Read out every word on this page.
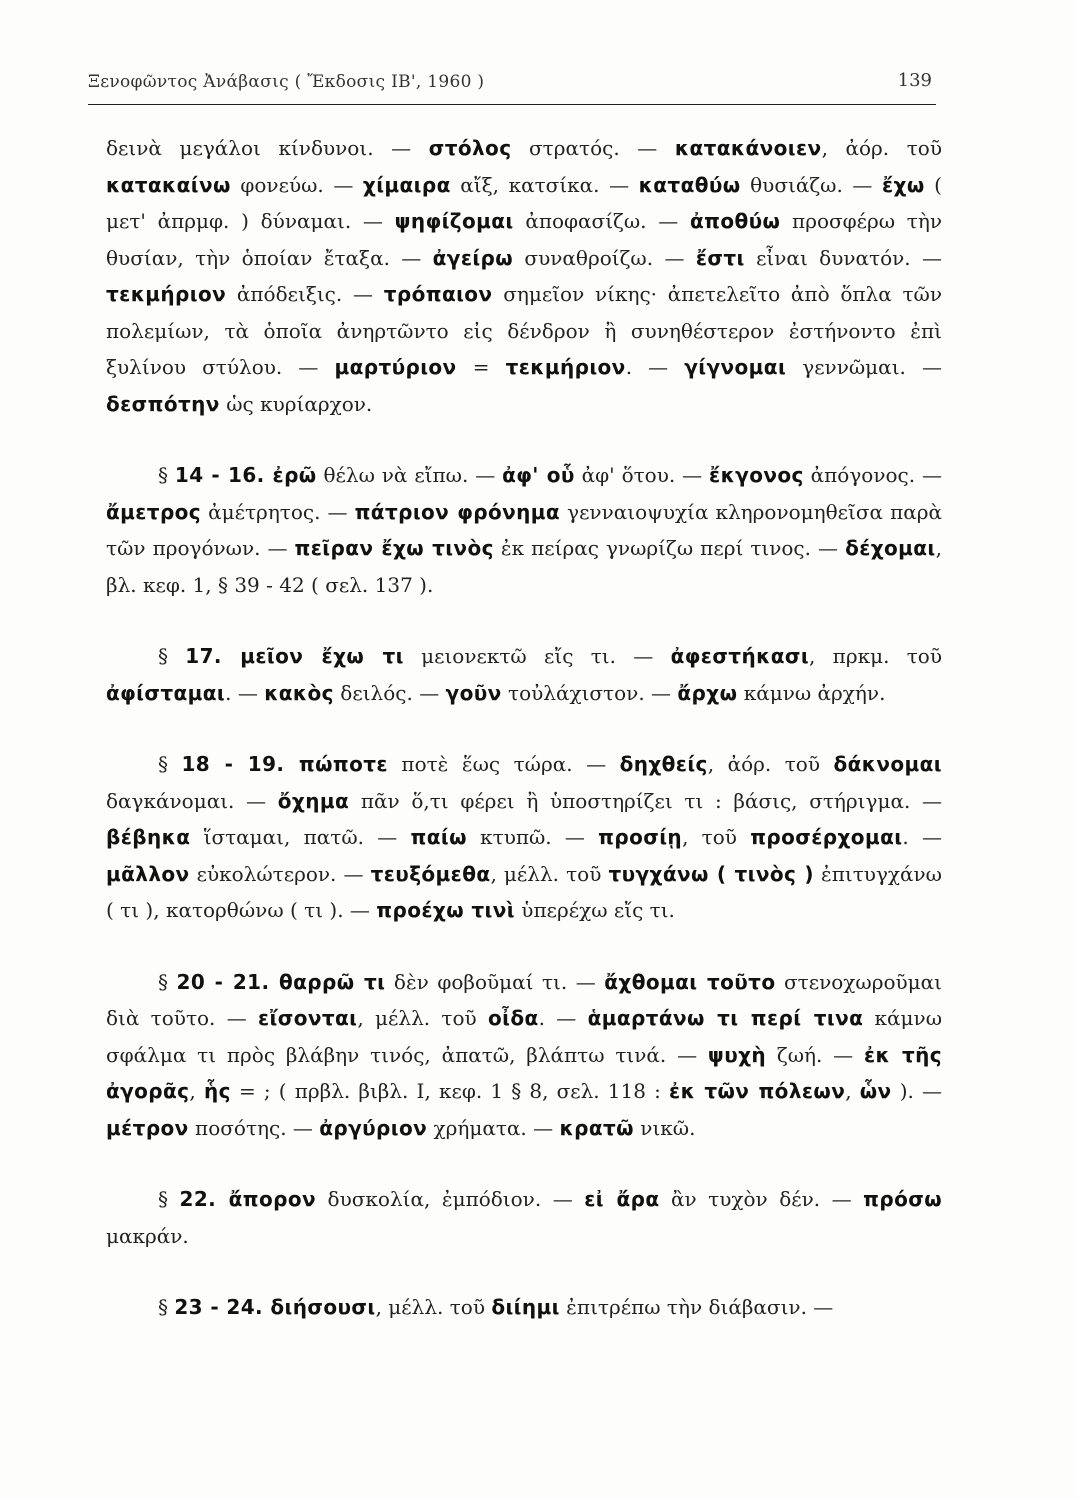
Ξενοφῶντος Ἀνάβασις ( Ἔκδοσις ΙΒ', 1960 )	139

δεινὰ μεγάλοι κίνδυνοι. — στόλος στρατός. — κατακάνοιεν, ἀόρ. τοῦ κατακαίνω φονεύω. — χίμαιρα αἴξ, κατσίκα. — καταθύω θυσιάζω. — ἔχω ( μετ' ἀπρμφ. ) δύναμαι. — ψηφίζομαι ἀποφασίζω. — ἀποθύω προσφέρω τὴν θυσίαν, τὴν ὁποίαν ἔταξα. — ἀγείρω συναθροίζω. — ἔστι εἶναι δυνατόν. — τεκμήριον ἀπόδειξις. — τρόπαιον σημεῖον νίκης· ἀπετελεῖτο ἀπὸ ὅπλα τῶν πολεμίων, τὰ ὁποῖα ἀνηρτῶντο εἰς δένδρον ἢ συνηθέστερον ἐστήνοντο ἐπὶ ξυλίνου στύλου. — μαρτύριον = τεκμήριον. — γίγνομαι γεννῶμαι. — δεσπότην ὡς κυρίαρχον.

§ 14 - 16. ἐρῶ θέλω νὰ εἴπω. — ἀφ' οὗ ἀφ' ὅτου. — ἔκγονος ἀπόγονος. — ἄμετρος ἀμέτρητος. — πάτριον φρόνημα γενναιοψυχία κληρονομηθεῖσα παρὰ τῶν προγόνων. — πεῖραν ἔχω τινὸς ἐκ πείρας γνωρίζω περί τινος. — δέχομαι, βλ. κεφ. 1, § 39 - 42 ( σελ. 137 ).

§ 17. μεῖον ἔχω τι μειονεκτῶ εἴς τι. — ἀφεστήκασι, πρκμ. τοῦ ἀφίσταμαι. — κακὸς δειλός. — γοῦν τοὐλάχιστον. — ἄρχω κάμνω ἀρχήν.

§ 18 - 19. πώποτε ποτὲ ἕως τώρα. — δηχθείς, ἀόρ. τοῦ δάκνομαι δαγκάνομαι. — ὄχημα πᾶν ὅ,τι φέρει ἢ ὑποστηρίζει τι : βάσις, στήριγμα. — βέβηκα ἵσταμαι, πατῶ. — παίω κτυπῶ. — προσίῃ, τοῦ προσέρχομαι. — μᾶλλον εὐκολώτερον. — τευξόμεθα, μέλλ. τοῦ τυγχάνω ( τινὸς ) ἐπιτυγχάνω ( τι ), κατορθώνω ( τι ). — προέχω τινὶ ὑπερέχω εἴς τι.

§ 20 - 21. θαρρῶ τι δὲν φοβοῦμαί τι. — ἄχθομαι τοῦτο στενοχωροῦμαι διὰ τοῦτο. — εἴσονται, μέλλ. τοῦ οἶδα. — ἁμαρτάνω τι περί τινα κάμνω σφάλμα τι πρὸς βλάβην τινός, ἀπατῶ, βλάπτω τινά. — ψυχὴ ζωή. — ἐκ τῆς ἀγορᾶς, ἧς = ; ( πρβλ. βιβλ. Ι, κεφ. 1 § 8, σελ. 118 : ἐκ τῶν πόλεων, ὧν ). — μέτρον ποσότης. — ἀργύριον χρήματα. — κρατῶ νικῶ.

§ 22. ἄπορον δυσκολία, ἐμπόδιον. — εἰ ἄρα ἂν τυχὸν δέν. — πρόσω μακράν.

§ 23 - 24. διήσουσι, μέλλ. τοῦ διίημι ἐπιτρέπω τὴν διάβασιν. —
